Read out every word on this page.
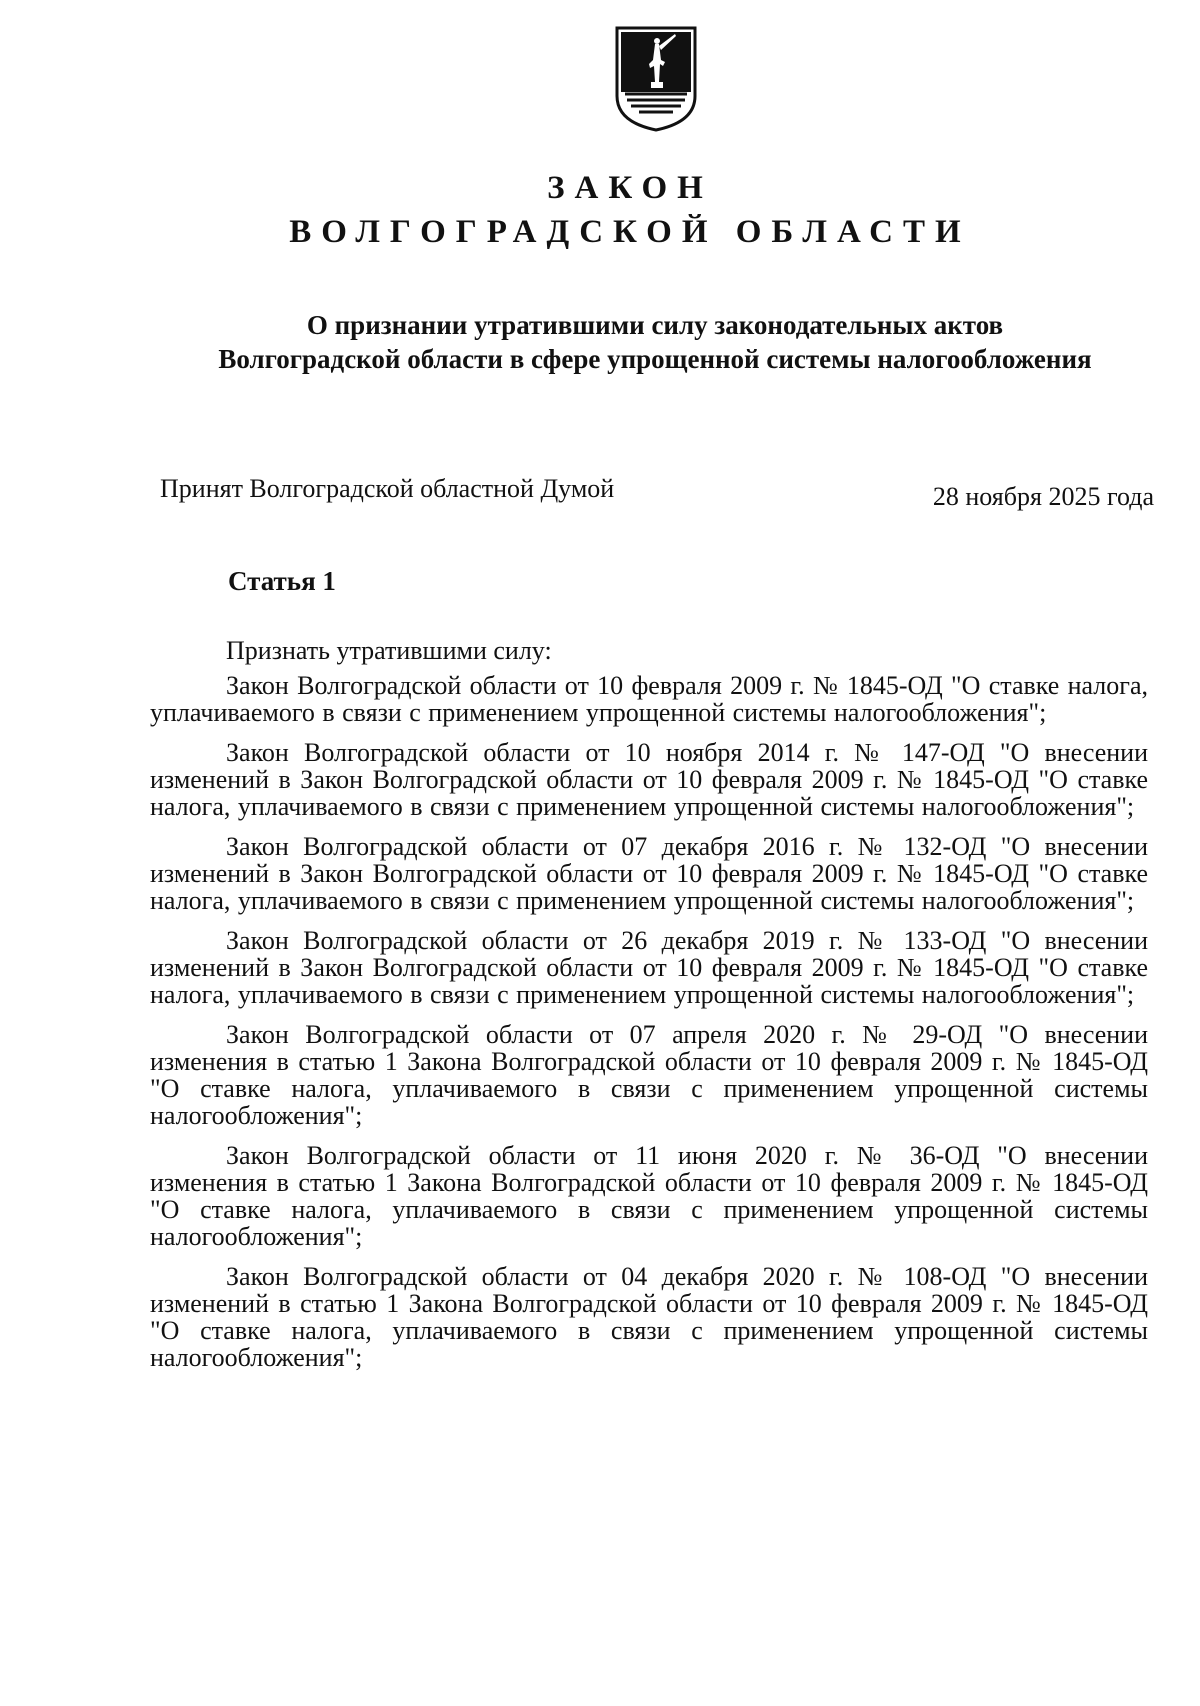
ЗАКОН
ВОЛГОГРАДСКОЙ ОБЛАСТИ
О признании утратившими силу законодательных актов
Волгоградской области в сфере упрощенной системы налогообложения
Принят Волгоградской областной Думой	28 ноября 2025 года
Статья 1
Признать утратившими силу:

Закон Волгоградской области от 10 февраля 2009 г. № 1845-ОД "О ставке налога, уплачиваемого в связи с применением упрощенной системы налогообложения";

Закон Волгоградской области от 10 ноября 2014 г. № 147-ОД "О внесении изменений в Закон Волгоградской области от 10 февраля 2009 г. № 1845-ОД "О ставке налога, уплачиваемого в связи с применением упрощенной системы налогообложения";

Закон Волгоградской области от 07 декабря 2016 г. № 132-ОД "О внесении изменений в Закон Волгоградской области от 10 февраля 2009 г. № 1845-ОД "О ставке налога, уплачиваемого в связи с применением упрощенной системы налогообложения";

Закон Волгоградской области от 26 декабря 2019 г. № 133-ОД "О внесении изменений в Закон Волгоградской области от 10 февраля 2009 г. № 1845-ОД "О ставке налога, уплачиваемого в связи с применением упрощенной системы налогообложения";

Закон Волгоградской области от 07 апреля 2020 г. № 29-ОД "О внесении изменения в статью 1 Закона Волгоградской области от 10 февраля 2009 г. № 1845-ОД "О ставке налога, уплачиваемого в связи с применением упрощенной системы налогообложения";

Закон Волгоградской области от 11 июня 2020 г. № 36-ОД "О внесении изменения в статью 1 Закона Волгоградской области от 10 февраля 2009 г. № 1845-ОД "О ставке налога, уплачиваемого в связи с применением упрощенной системы налогообложения";

Закон Волгоградской области от 04 декабря 2020 г. № 108-ОД "О внесении изменений в статью 1 Закона Волгоградской области от 10 февраля 2009 г. № 1845-ОД "О ставке налога, уплачиваемого в связи с применением упрощенной системы налогообложения";
